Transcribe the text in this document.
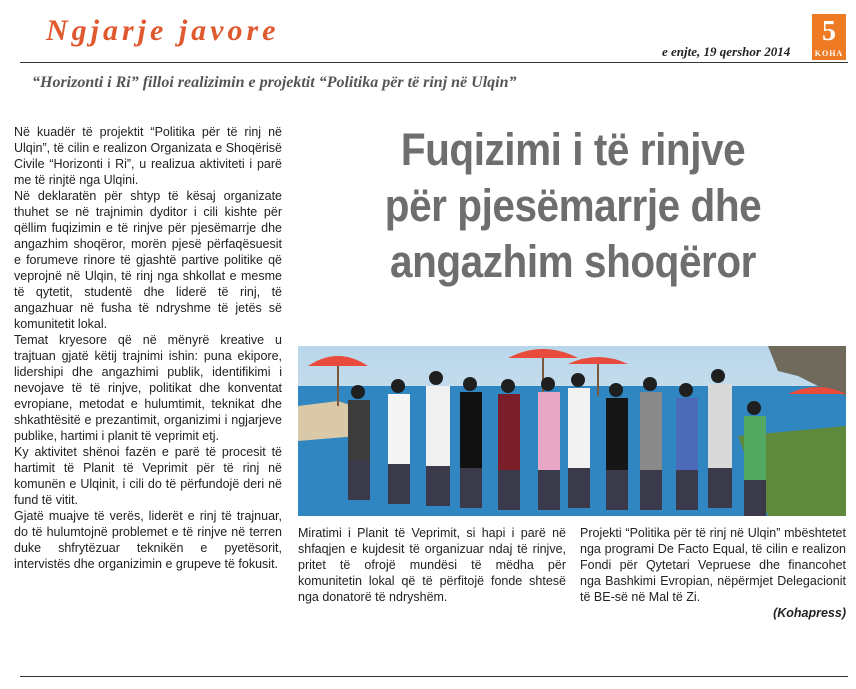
Ngjarje javore
e enjte, 19 qershor 2014
5
KOHA
“Horizonti i Ri” filloi realizimin e projektit “Politika për të rinj në Ulqin”
Fuqizimi i të rinjve
për pjesëmarrje dhe
angazhim shoqëror

Në kuadër të projektit “Politika për të rinj në Ulqin”, të cilin e realizon Organizata e Shoqërisë Civile “Horizonti i Ri”, u realizua aktiviteti i parë me të rinjtë nga Ulqini.

Në deklaratën për shtyp të kësaj organizate thuhet se në trajnimin dyditor i cili kishte për qëllim fuqizimin e të rinjve për pjesëmarrje dhe angazhim shoqëror, morën pjesë përfaqësuesit e forumeve rinore të gjashtë partive politike që veprojnë në Ulqin, të rinj nga shkollat e mesme të qytetit, studentë dhe liderë të rinj, të angazhuar në fusha të ndryshme të jetës së komunitetit lokal.

Temat kryesore që në mënyrë kreative u trajtuan gjatë këtij trajnimi ishin: puna ekipore, lidershipi dhe angazhimi publik, identifikimi i nevojave të të rinjve, politikat dhe konventat evropiane, metodat e hulumtimit, teknikat dhe shkathtësitë e prezantimit, organizimi i ngjarjeve publike, hartimi i planit të veprimit etj.

Ky aktivitet shënoi fazën e parë të procesit të hartimit të Planit të Veprimit për të rinj në komunën e Ulqinit, i cili do të përfundojë deri në fund të vitit.

Gjatë muajve të verës, liderët e rinj të trajnuar, do të hulumtojnë problemet e të rinjve në terren duke shfrytëzuar teknikën e pyetësorit, intervistës dhe organizimin e grupeve të fokusit.

Miratimi i Planit të Veprimit, si hapi i parë në shfaqjen e kujdesit të organizuar ndaj të rinjve, pritet të ofrojë mundësi të mëdha për komunitetin lokal që të përfitojë fonde shtesë nga donatorë të ndryshëm.

Projekti “Politika për të rinj në Ulqin” mbështetet nga programi De Facto Equal, të cilin e realizon Fondi për Qytetari Vepruese dhe financohet nga Bashkimi Evropian, nëpërmjet Delegacionit të BE-së në Mal të Zi.

(Kohapress)
